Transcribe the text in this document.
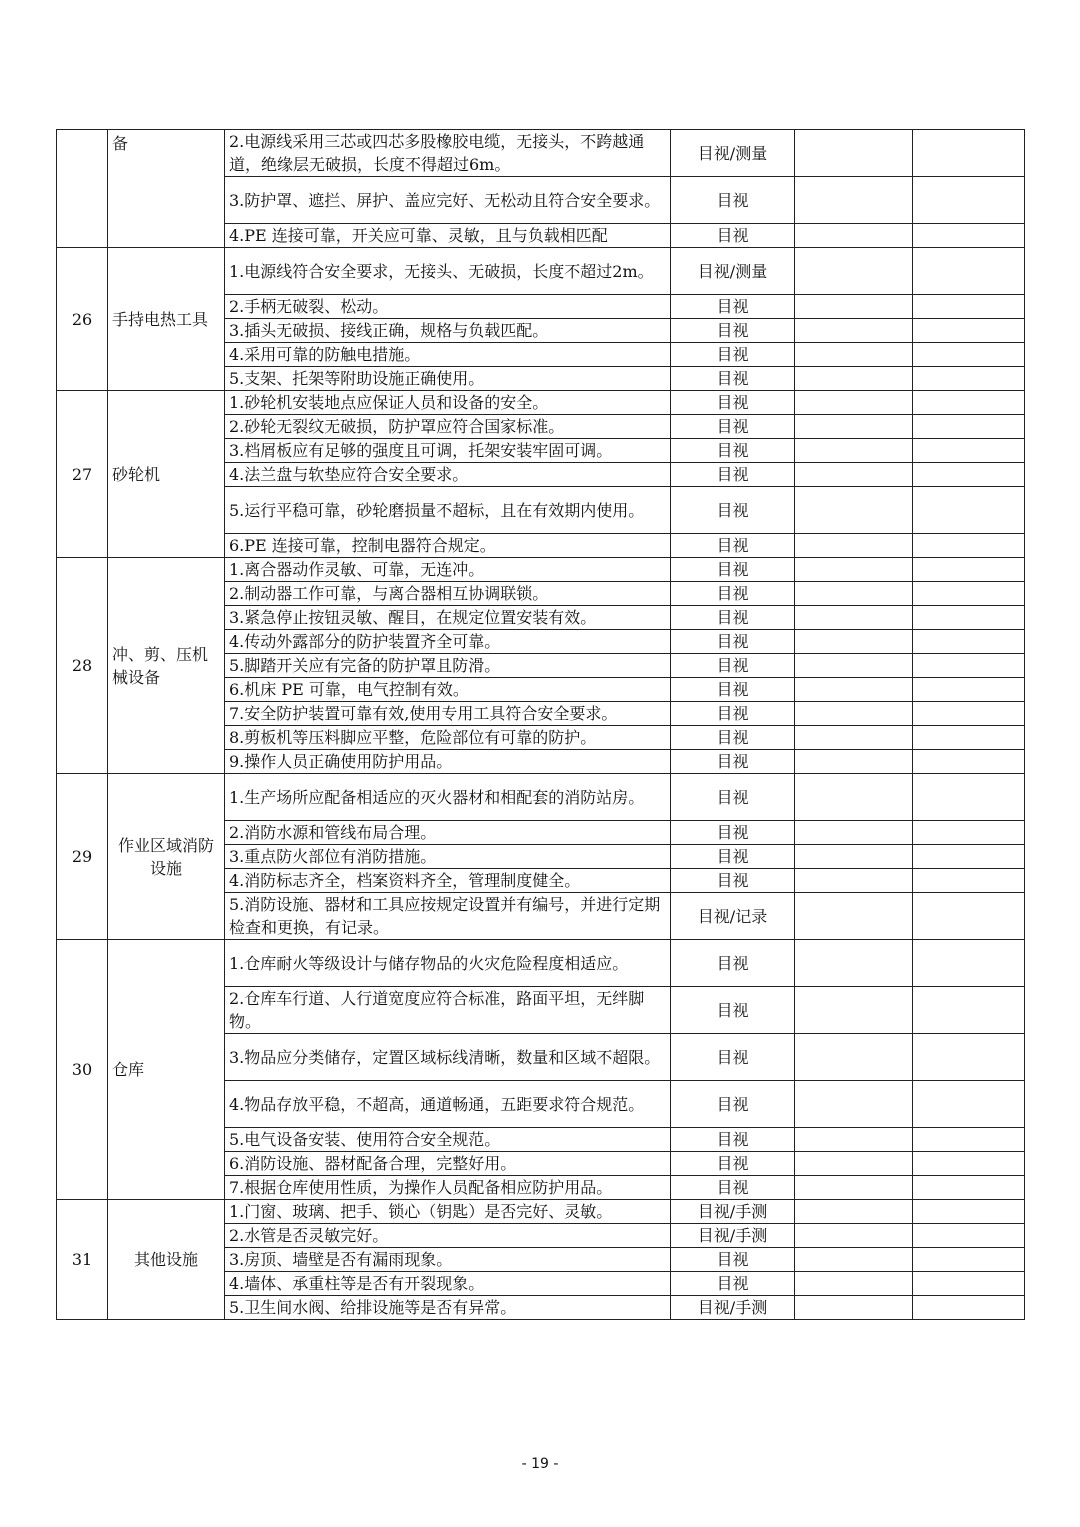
	备	2.电源线采用三芯或四芯多股橡胶电缆，无接头，不跨越通道，绝缘层无破损，长度不得超过6m。	目视/测量		
		3.防护罩、遮拦、屏护、盖应完好、无松动且符合安全要求。	目视		
		4.PE 连接可靠，开关应可靠、灵敏，且与负载相匹配	目视		
26	手持电热工具	1.电源线符合安全要求，无接头、无破损，长度不超过2m。	目视/测量		
		2.手柄无破裂、松动。	目视		
		3.插头无破损、接线正确，规格与负载匹配。	目视		
		4.采用可靠的防触电措施。	目视		
		5.支架、托架等附助设施正确使用。	目视		
27	砂轮机	1.砂轮机安装地点应保证人员和设备的安全。	目视		
		2.砂轮无裂纹无破损，防护罩应符合国家标准。	目视		
		3.档屑板应有足够的强度且可调，托架安装牢固可调。	目视		
		4.法兰盘与软垫应符合安全要求。	目视		
		5.运行平稳可靠，砂轮磨损量不超标，且在有效期内使用。	目视		
		6.PE 连接可靠，控制电器符合规定。	目视		
28	冲、剪、压机械设备	1.离合器动作灵敏、可靠，无连冲。	目视		
		2.制动器工作可靠，与离合器相互协调联锁。	目视		
		3.紧急停止按钮灵敏、醒目，在规定位置安装有效。	目视		
		4.传动外露部分的防护装置齐全可靠。	目视		
		5.脚踏开关应有完备的防护罩且防滑。	目视		
		6.机床 PE 可靠，电气控制有效。	目视		
		7.安全防护装置可靠有效,使用专用工具符合安全要求。	目视		
		8.剪板机等压料脚应平整，危险部位有可靠的防护。	目视		
		9.操作人员正确使用防护用品。	目视		
29	作业区域消防设施	1.生产场所应配备相适应的灭火器材和相配套的消防站房。	目视		
		2.消防水源和管线布局合理。	目视		
		3.重点防火部位有消防措施。	目视		
		4.消防标志齐全，档案资料齐全，管理制度健全。	目视		
		5.消防设施、器材和工具应按规定设置并有编号，并进行定期检查和更换，有记录。	目视/记录		
30	仓库	1.仓库耐火等级设计与储存物品的火灾危险程度相适应。	目视		
		2.仓库车行道、人行道宽度应符合标准，路面平坦，无绊脚物。	目视		
		3.物品应分类储存，定置区域标线清晰，数量和区域不超限。	目视		
		4.物品存放平稳，不超高，通道畅通，五距要求符合规范。	目视		
		5.电气设备安装、使用符合安全规范。	目视		
		6.消防设施、器材配备合理，完整好用。	目视		
		7.根据仓库使用性质，为操作人员配备相应防护用品。	目视		
31	其他设施	1.门窗、玻璃、把手、锁心（钥匙）是否完好、灵敏。	目视/手测		
		2.水管是否灵敏完好。	目视/手测		
		3.房顶、墙壁是否有漏雨现象。	目视		
		4.墙体、承重柱等是否有开裂现象。	目视		
		5.卫生间水阀、给排设施等是否有异常。	目视/手测		
- 19 -
